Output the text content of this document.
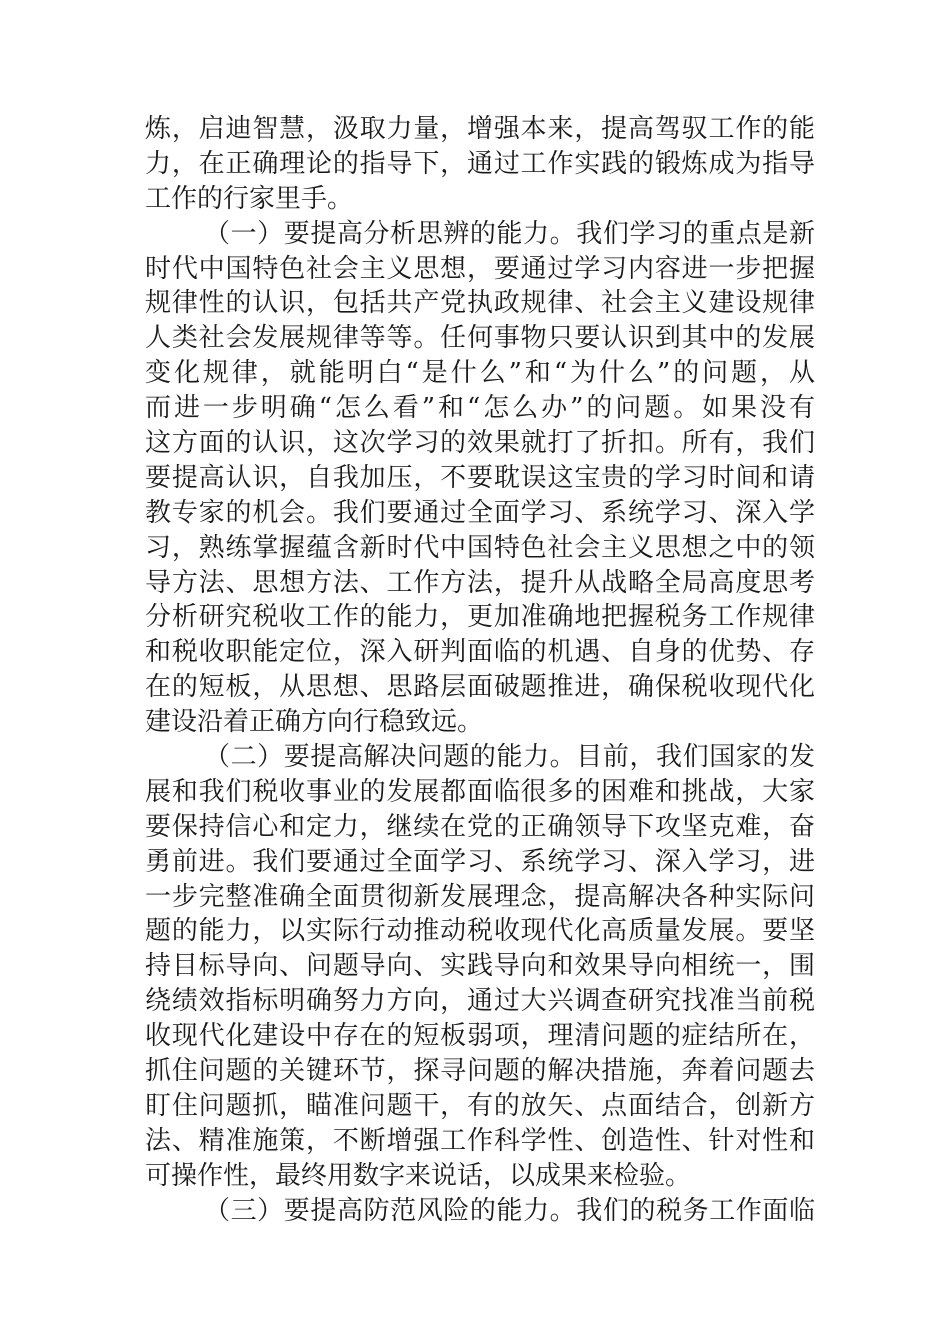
炼，启迪智慧，汲取力量，增强本来，提高驾驭工作的能
力，在正确理论的指导下，通过工作实践的锻炼成为指导
工作的行家里手。
（一）要提高分析思辨的能力。我们学习的重点是新
时代中国特色社会主义思想，要通过学习内容进一步把握
规律性的认识，包括共产党执政规律、社会主义建设规律
人类社会发展规律等等。任何事物只要认识到其中的发展
变化规律，就能明白“是什么”和“为什么”的问题，从
而进一步明确“怎么看”和“怎么办”的问题。如果没有
这方面的认识，这次学习的效果就打了折扣。所有，我们
要提高认识，自我加压，不要耽误这宝贵的学习时间和请
教专家的机会。我们要通过全面学习、系统学习、深入学
习，熟练掌握蕴含新时代中国特色社会主义思想之中的领
导方法、思想方法、工作方法，提升从战略全局高度思考
分析研究税收工作的能力，更加准确地把握税务工作规律
和税收职能定位，深入研判面临的机遇、自身的优势、存
在的短板，从思想、思路层面破题推进，确保税收现代化
建设沿着正确方向行稳致远。
（二）要提高解决问题的能力。目前，我们国家的发
展和我们税收事业的发展都面临很多的困难和挑战，大家
要保持信心和定力，继续在党的正确领导下攻坚克难，奋
勇前进。我们要通过全面学习、系统学习、深入学习，进
一步完整准确全面贯彻新发展理念，提高解决各种实际问
题的能力，以实际行动推动税收现代化高质量发展。要坚
持目标导向、问题导向、实践导向和效果导向相统一，围
绕绩效指标明确努力方向，通过大兴调查研究找准当前税
收现代化建设中存在的短板弱项，理清问题的症结所在，
抓住问题的关键环节，探寻问题的解决措施，奔着问题去
盯住问题抓，瞄准问题干，有的放矢、点面结合，创新方
法、精准施策，不断增强工作科学性、创造性、针对性和
可操作性，最终用数字来说话，以成果来检验。
（三）要提高防范风险的能力。我们的税务工作面临
